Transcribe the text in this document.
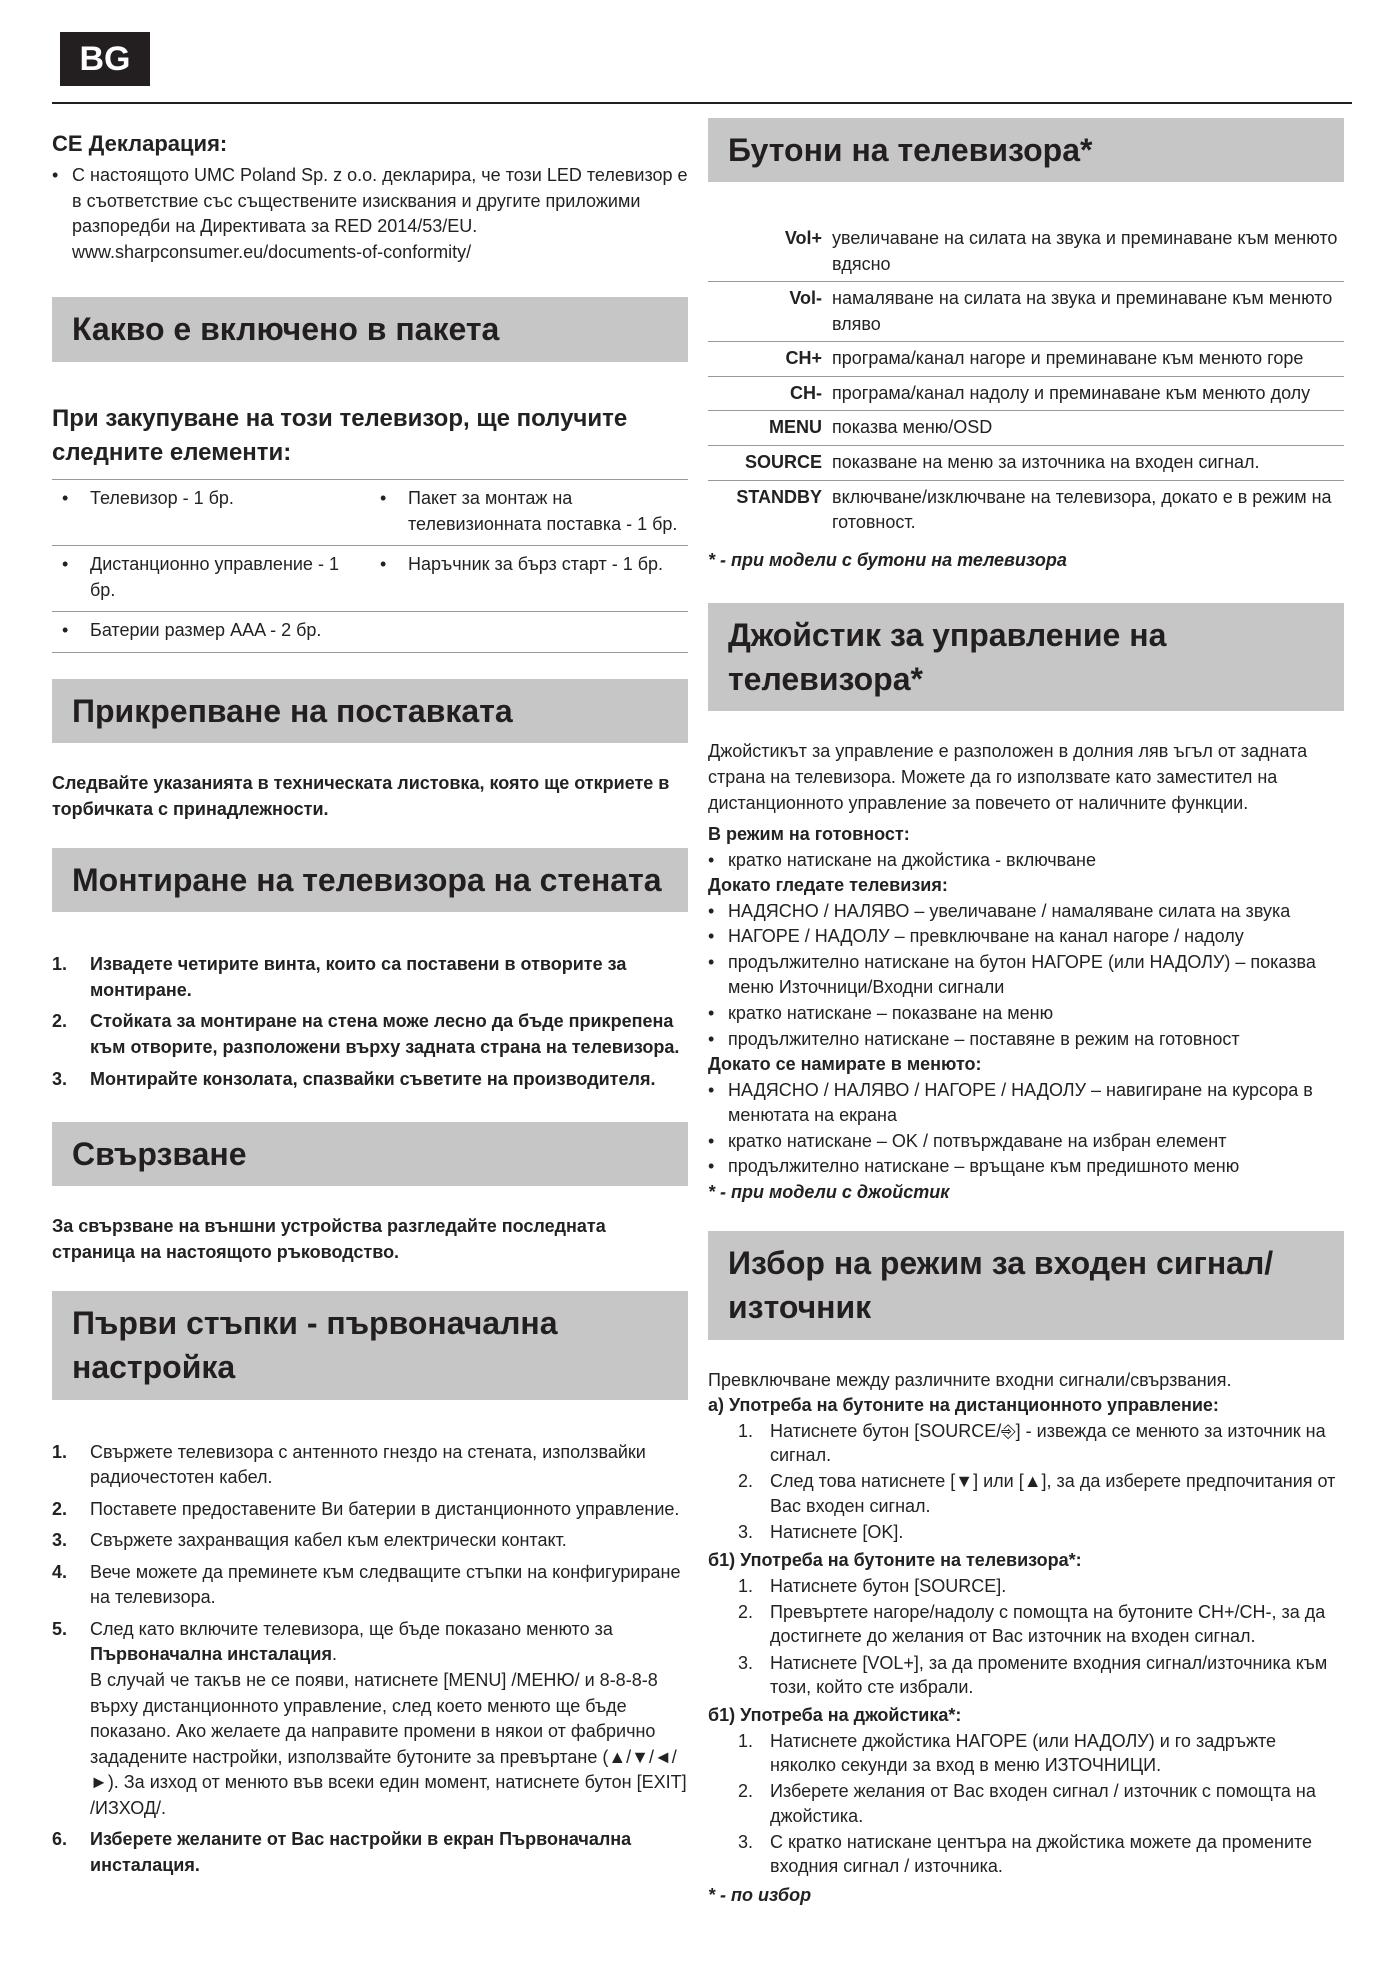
BG
CE Декларация:
• С настоящото UMC Poland Sp. z o.o. декларира, че този LED телевизор е в съответствие със съществените изисквания и другите приложими разпоредби на Директивата за RED 2014/53/EU. www.sharpconsumer.eu/documents-of-conformity/
Какво е включено в пакета
При закупуване на този телевизор, ще получите следните елементи:
• Телевизор - 1 бр.	• Пакет за монтаж на телевизионната поставка - 1 бр.

• Дистанционно управление - 1 бр.	• Наръчник за бърз старт - 1 бр.

• Батерии размер AAA - 2 бр.	
Прикрепване на поставката

Следвайте указанията в техническата листовка, която ще откриете в торбичката с принадлежности.

Монтиране на телевизора на стената
1.	Извадете четирите винта, които са поставени в отворите за монтиране.
2.	Стойката за монтиране на стена може лесно да бъде прикрепена към отворите, разположени върху задната страна на телевизора.
3.	Монтирайте конзолата, спазвайки съветите на производителя.
Свързване

За свързване на външни устройства разгледайте последната страница на настоящото ръководство.

Първи стъпки - първоначална настройка
1.	Свържете телевизора с антенното гнездо на стената, използвайки радиочестотен кабел.
2.	Поставете предоставените Ви батерии в дистанционното управление.
3.	Свържете захранващия кабел към електрически контакт.
4.	Вече можете да преминете към следващите стъпки на конфигуриране на телевизора.
5.	След като включите телевизора, ще бъде показано менюто за
Първоначална инсталация.
В случай че такъв не се появи, натиснете [MENU] /МЕНЮ/ и 8-8-8-8 върху дистанционното управление, след което менюто ще бъде показано. Ако желаете да направите промени в някои от фабрично зададените настройки, използвайте бутоните за превъртане (▲/▼/◄/►). За изход от менюто във всеки един момент, натиснете бутон [EXIT] /ИЗХОД/.
6.	Изберете желаните от Вас настройки в екран Първоначална инсталация.
Бутони на телевизора*
Vol+	увеличаване на силата на звука и преминаване към менюто вдясно
Vol-	намаляване на силата на звука и преминаване към менюто вляво
CH+	програма/канал нагоре и преминаване към менюто горе
CH-	програма/канал надолу и преминаване към менюто долу
MENU	показва меню/OSD
SOURCE	показване на меню за източника на входен сигнал.
STANDBY	включване/изключване на телевизора, докато е в режим на готовност.

* - при модели с бутони на телевизора

Джойстик за управление на телевизора*

Джойстикът за управление е разположен в долния ляв ъгъл от задната страна на телевизора. Можете да го използвате като заместител на дистанционното управление за повечето от наличните функции.

В режим на готовност:
• кратко натискане на джойстика - включване
Докато гледате телевизия:
• НАДЯСНО / НАЛЯВО – увеличаване / намаляване силата на звука
• НАГОРЕ / НАДОЛУ – превключване на канал нагоре / надолу
• продължително натискане на бутон НАГОРЕ (или НАДОЛУ) – показва меню Източници/Входни сигнали
• кратко натискане – показване на меню
• продължително натискане – поставяне в режим на готовност
Докато се намирате в менюто:
• НАДЯСНО / НАЛЯВО / НАГОРЕ / НАДОЛУ – навигиране на курсора в менютата на екрана
• кратко натискане – OK / потвърждаване на избран елемент
• продължително натискане – връщане към предишното меню

* - при модели с джойстик

Избор на режим за входен сигнал/източник

Превключване между различните входни сигнали/свързвания.

а) Употреба на бутоните на дистанционното управление:
1. Натиснете бутон [SOURCE/⎆] - извежда се менюто за източник на сигнал.
2. След това натиснете [▼] или [▲], за да изберете предпочитания от Вас входен сигнал.
3. Натиснете [OK].
б1) Употреба на бутоните на телевизора*:
1. Натиснете бутон [SOURCE].
2. Превъртете нагоре/надолу с помощта на бутоните CH+/CH-, за да достигнете до желания от Вас източник на входен сигнал.
3. Натиснете [VOL+], за да промените входния сигнал/източника към този, който сте избрали.
б1) Употреба на джойстика*:
1. Натиснете джойстика НАГОРЕ (или НАДОЛУ) и го задръжте няколко секунди за вход в меню ИЗТОЧНИЦИ.
2. Изберете желания от Вас входен сигнал / източник с помощта на джойстика.
3. С кратко натискане центъра на джойстика можете да промените входния сигнал / източника.

* - по избор
